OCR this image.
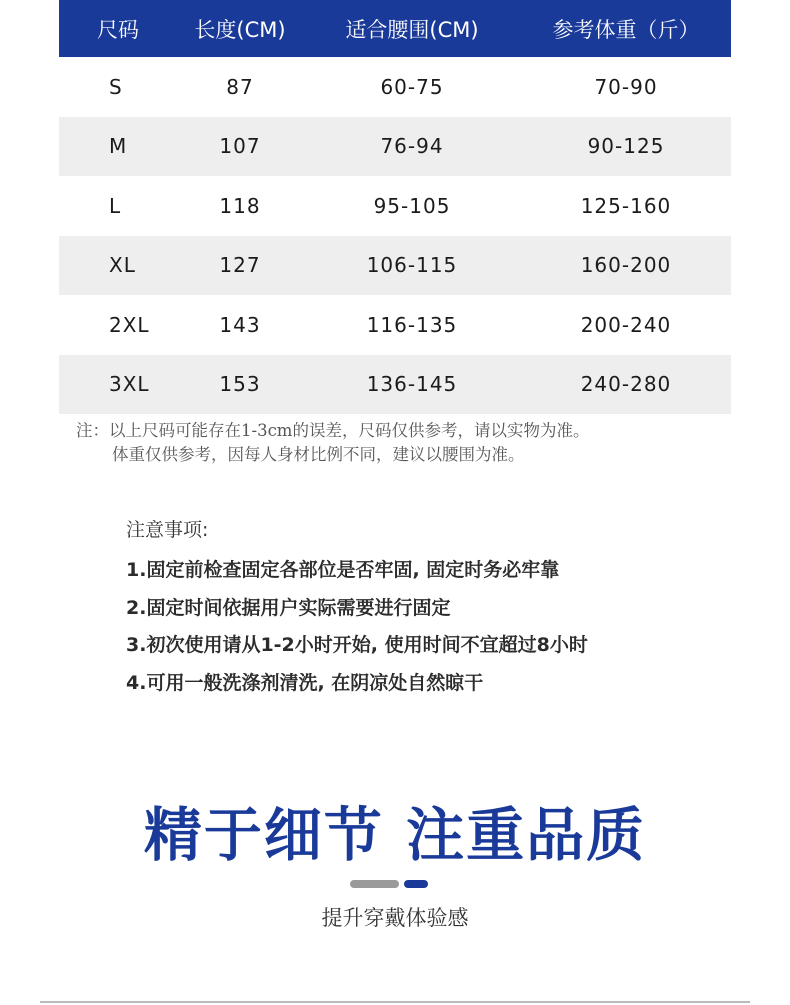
尺码	长度(CM)	适合腰围(CM)	参考体重（斤）
S	87	60-75	70-90
M	107	76-94	90-125
L	118	95-105	125-160
XL	127	106-115	160-200
2XL	143	116-135	200-240
3XL	153	136-145	240-280
注：以上尺码可能存在1-3cm的误差，尺码仅供参考，请以实物为准。
体重仅供参考，因每人身材比例不同，建议以腰围为准。
注意事项:
1.固定前检查固定各部位是否牢固, 固定时务必牢靠
2.固定时间依据用户实际需要进行固定
3.初次使用请从1-2小时开始, 使用时间不宜超过8小时
4.可用一般洗涤剂清洗, 在阴凉处自然晾干
精于细节 注重品质
提升穿戴体验感
